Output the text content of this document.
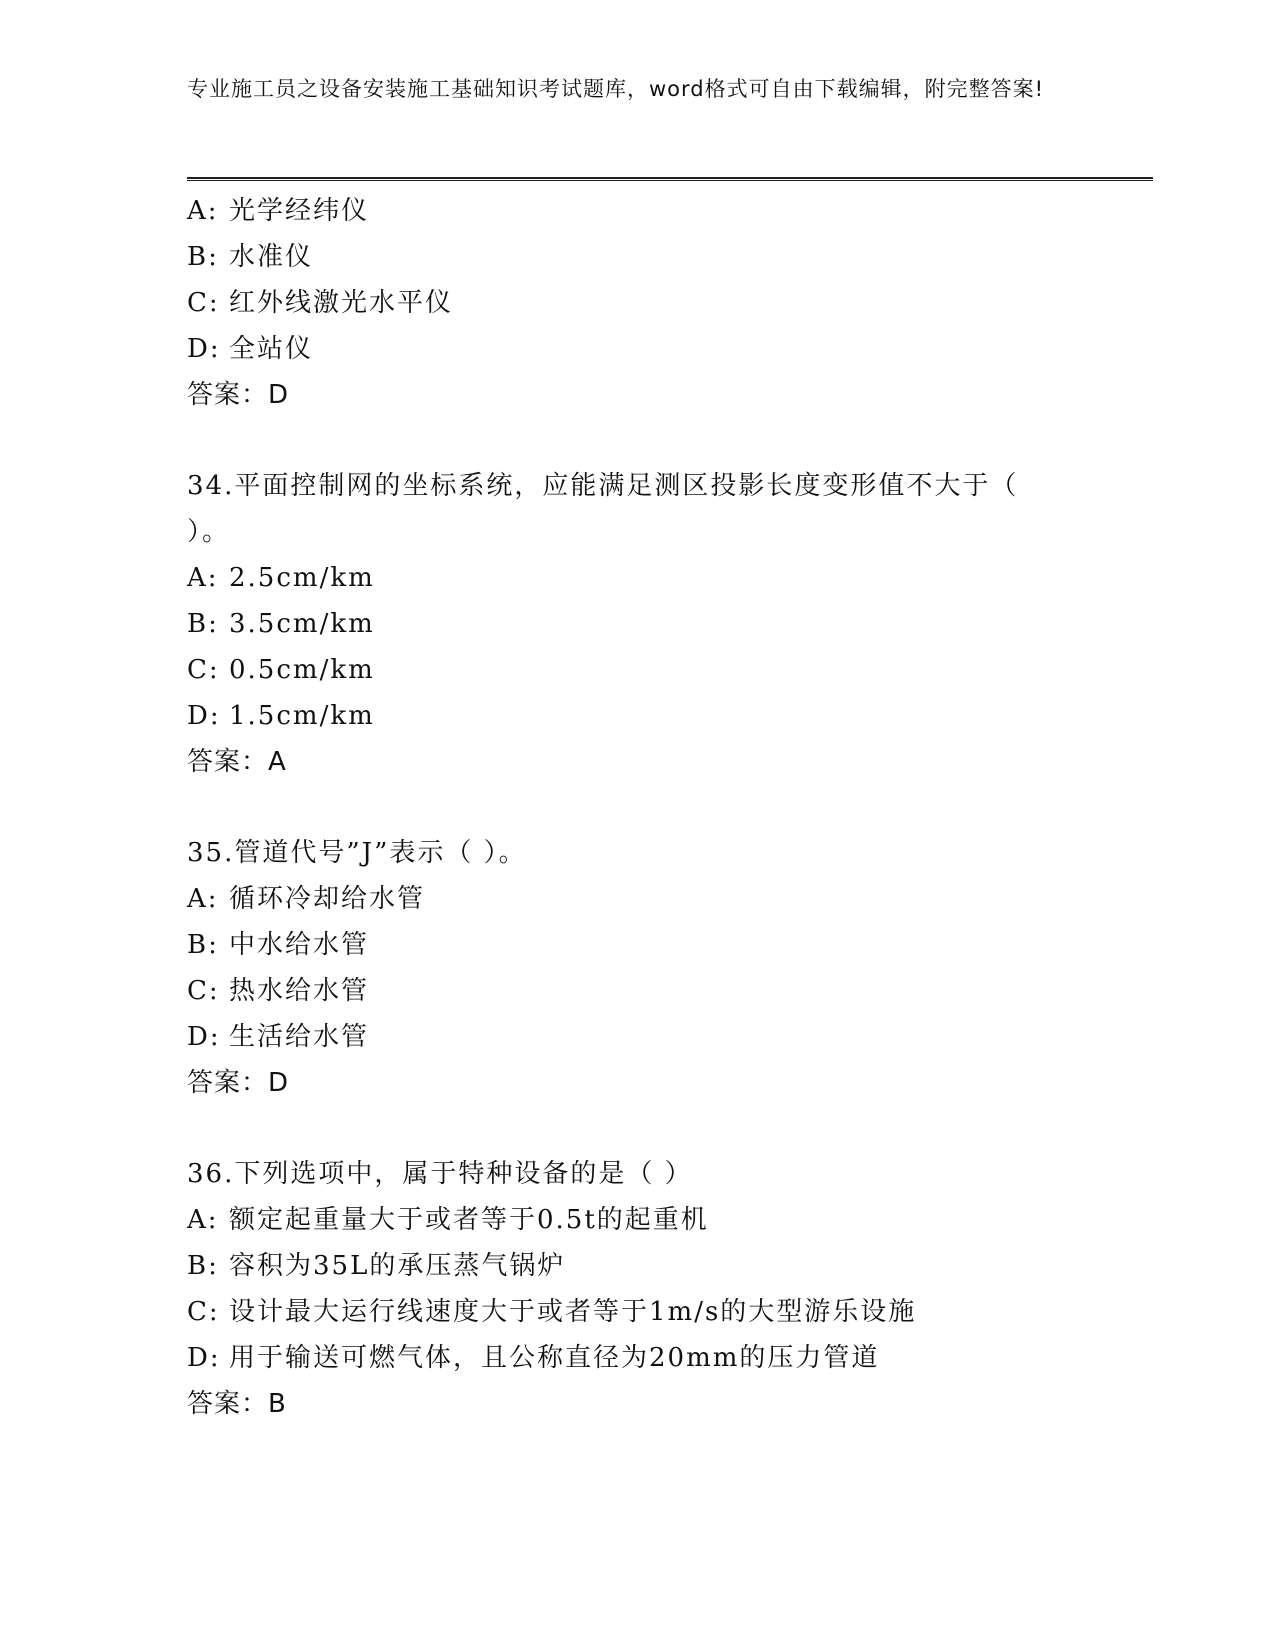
专业施工员之设备安装施工基础知识考试题库，word格式可自由下载编辑，附完整答案!
A: 光学经纬仪
B: 水准仪
C: 红外线激光水平仪
D: 全站仪
答案：D
34.平面控制网的坐标系统，应能满足测区投影长度变形值不大于（ ）。
A: 2.5cm/km
B: 3.5cm/km
C: 0.5cm/km
D: 1.5cm/km
答案：A
35.管道代号”J”表示（ ）。
A: 循环冷却给水管
B: 中水给水管
C: 热水给水管
D: 生活给水管
答案：D
36.下列选项中，属于特种设备的是（ ）
A: 额定起重量大于或者等于0.5t的起重机
B: 容积为35L的承压蒸气锅炉
C: 设计最大运行线速度大于或者等于1m/s的大型游乐设施
D: 用于输送可燃气体，且公称直径为20mm的压力管道
答案：B
